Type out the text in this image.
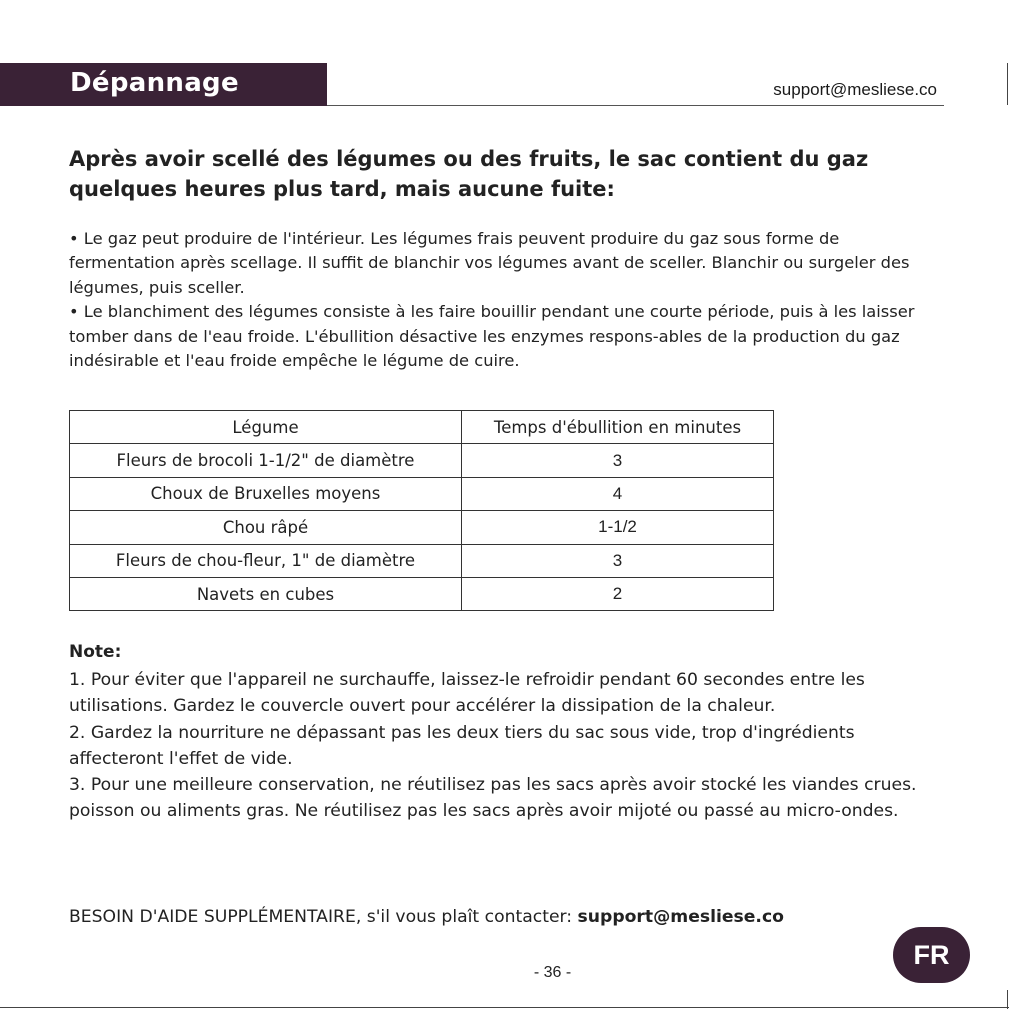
Dépannage	support@mesliese.co
Après avoir scellé des légumes ou des fruits, le sac contient du gaz quelques heures plus tard, mais aucune fuite:

• Le gaz peut produire de l'intérieur. Les légumes frais peuvent produire du gaz sous forme de fermentation après scellage. Il suffit de blanchir vos légumes avant de sceller. Blanchir ou surgeler des légumes, puis sceller.

• Le blanchiment des légumes consiste à les faire bouillir pendant une courte période, puis à les laisser tomber dans de l'eau froide. L'ébullition désactive les enzymes respons-ables de la production du gaz indésirable et l'eau froide empêche le légume de cuire.

Légume	Temps d'ébullition en minutes
Fleurs de brocoli 1-1/2" de diamètre	3
Choux de Bruxelles moyens	4
Chou râpé	1-1/2
Fleurs de chou-fleur, 1" de diamètre	3
Navets en cubes	2
Note:

1. Pour éviter que l'appareil ne surchauffe, laissez-le refroidir pendant 60 secondes entre les utilisations. Gardez le couvercle ouvert pour accélérer la dissipation de la chaleur.

2. Gardez la nourriture ne dépassant pas les deux tiers du sac sous vide, trop d'ingrédients affecteront l'effet de vide.

3. Pour une meilleure conservation, ne réutilisez pas les sacs après avoir stocké les viandes crues. poisson ou aliments gras. Ne réutilisez pas les sacs après avoir mijoté ou passé au micro-ondes.

BESOIN D'AIDE SUPPLÉMENTAIRE, s'il vous plaît contacter: support@mesliese.co
- 36 -
FR
